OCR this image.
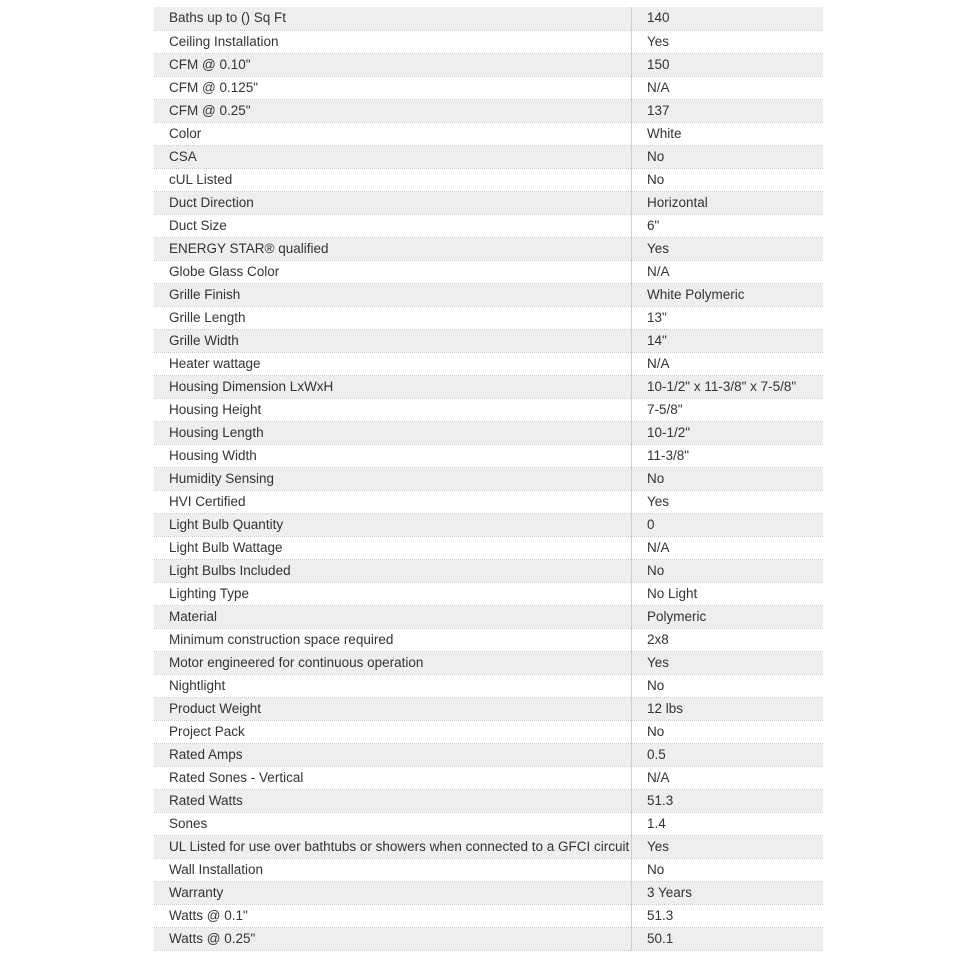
Baths up to () Sq Ft	140
Ceiling Installation	Yes
CFM @ 0.10"	150
CFM @ 0.125"	N/A
CFM @ 0.25"	137
Color	White
CSA	No
cUL Listed	No
Duct Direction	Horizontal
Duct Size	6"
ENERGY STAR® qualified	Yes
Globe Glass Color	N/A
Grille Finish	White Polymeric
Grille Length	13"
Grille Width	14"
Heater wattage	N/A
Housing Dimension LxWxH	10-1/2" x 11-3/8" x 7-5/8"
Housing Height	7-5/8"
Housing Length	10-1/2"
Housing Width	11-3/8"
Humidity Sensing	No
HVI Certified	Yes
Light Bulb Quantity	0
Light Bulb Wattage	N/A
Light Bulbs Included	No
Lighting Type	No Light
Material	Polymeric
Minimum construction space required	2x8
Motor engineered for continuous operation	Yes
Nightlight	No
Product Weight	12 lbs
Project Pack	No
Rated Amps	0.5
Rated Sones - Vertical	N/A
Rated Watts	51.3
Sones	1.4
UL Listed for use over bathtubs or showers when connected to a GFCI circuit	Yes
Wall Installation	No
Warranty	3 Years
Watts @ 0.1"	51.3
Watts @ 0.25"	50.1
